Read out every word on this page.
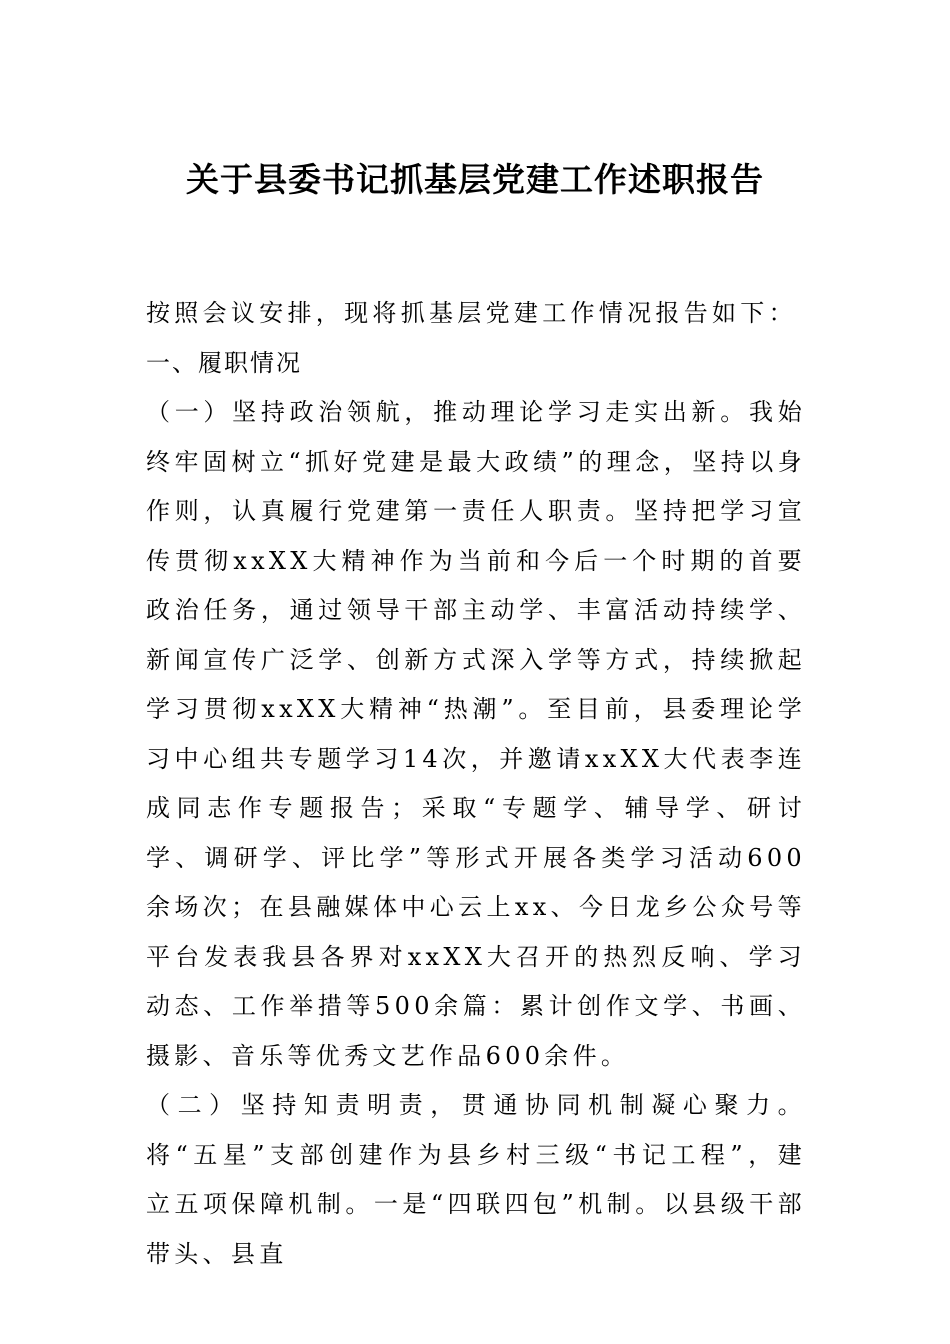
关于县委书记抓基层党建工作述职报告

按照会议安排，现将抓基层党建工作情况报告如下：

一、履职情况

（一）坚持政治领航，推动理论学习走实出新。我始终牢固树立“抓好党建是最大政绩”的理念，坚持以身作则，认真履行党建第一责任人职责。坚持把学习宣传贯彻xxXX大精神作为当前和今后一个时期的首要政治任务，通过领导干部主动学、丰富活动持续学、新闻宣传广泛学、创新方式深入学等方式，持续掀起学习贯彻xxXX大精神“热潮”。至目前，县委理论学习中心组共专题学习14次，并邀请xxXX大代表李连成同志作专题报告；采取“专题学、辅导学、研讨学、调研学、评比学”等形式开展各类学习活动600余场次；在县融媒体中心云上xx、今日龙乡公众号等平台发表我县各界对xxXX大召开的热烈反响、学习动态、工作举措等500余篇：累计创作文学、书画、摄影、音乐等优秀文艺作品600余件。

（二）坚持知责明责，贯通协同机制凝心聚力。将“五星”支部创建作为县乡村三级“书记工程”，建立五项保障机制。一是“四联四包”机制。以县级干部带头、县直
